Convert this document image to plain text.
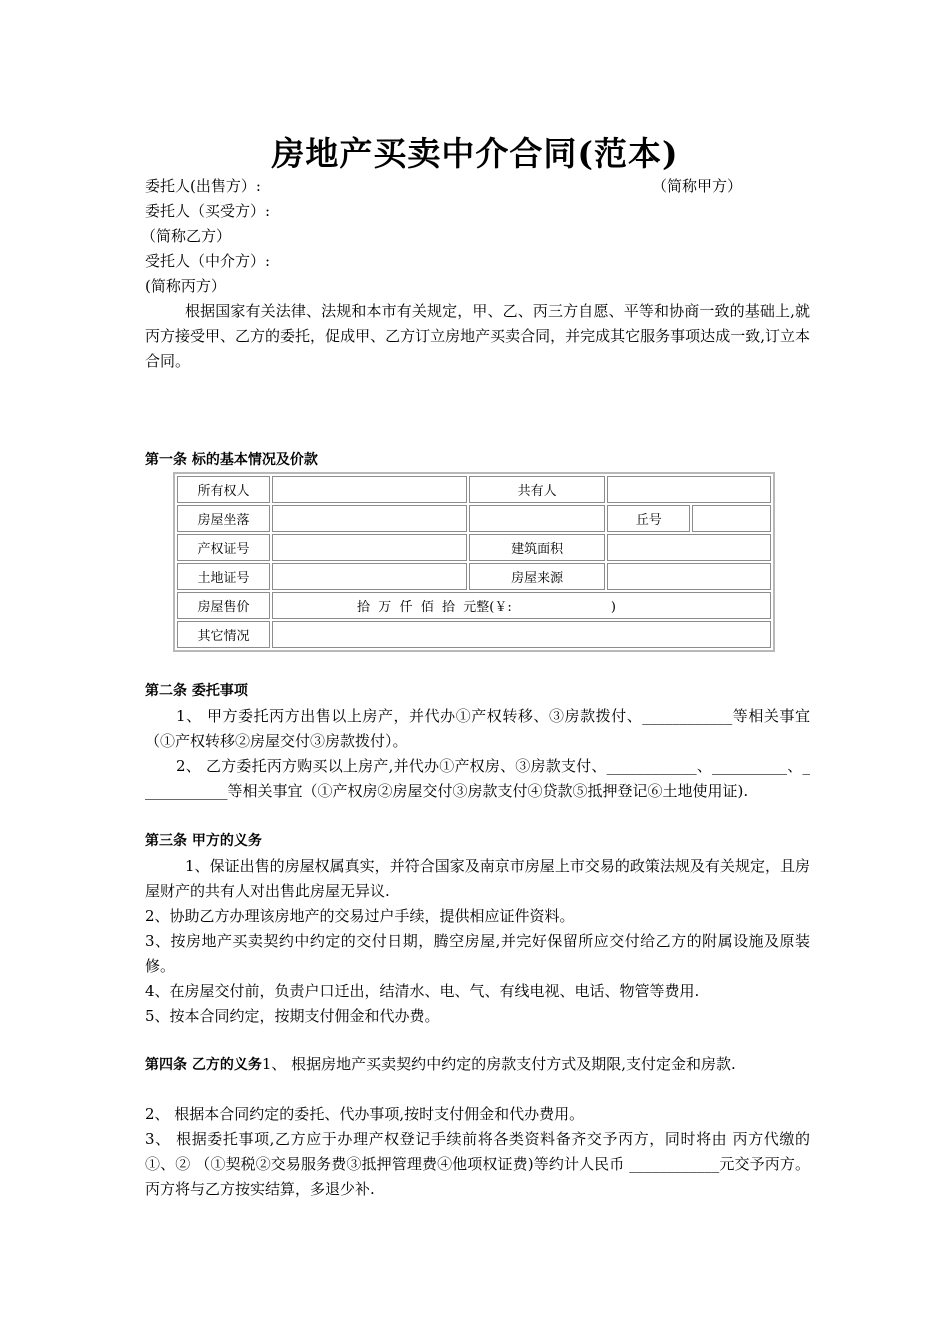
房地产买卖中介合同(范本)
委托人(出售方）:	（简称甲方）
委托人（买受方）:
（简称乙方）
受托人（中介方）:
(简称丙方）
根据国家有关法律、法规和本市有关规定，甲、乙、丙三方自愿、平等和协商一致的基础上,就丙方接受甲、乙方的委托，促成甲、乙方订立房地产买卖合同，并完成其它服务事项达成一致,订立本合同。
第一条 标的基本情况及价款
所有权人		共有人		
房屋坐落			丘号	
产权证号		建筑面积		
土地证号		房屋来源		
房屋售价	拾  万  仟  佰  拾  元整(￥:                        )			
其它情况				
第二条 委托事项
1、 甲方委托丙方出售以上房产，并代办①产权转移、③房款拨付、____________等相关事宜（①产权转移②房屋交付③房款拨付）。
2、 乙方委托丙方购买以上房产,并代办①产权房、③房款支付、____________、__________、____________等相关事宜（①产权房②房屋交付③房款支付④贷款⑤抵押登记⑥土地使用证).
第三条 甲方的义务
1、保证出售的房屋权属真实，并符合国家及南京市房屋上市交易的政策法规及有关规定，且房屋财产的共有人对出售此房屋无异议.
2、协助乙方办理该房地产的交易过户手续，提供相应证件资料。
3、按房地产买卖契约中约定的交付日期，腾空房屋,并完好保留所应交付给乙方的附属设施及原装修。
4、在房屋交付前，负责户口迁出，结清水、电、气、有线电视、电话、物管等费用.
5、按本合同约定，按期支付佣金和代办费。
第四条 乙方的义务1、 根据房地产买卖契约中约定的房款支付方式及期限,支付定金和房款.
2、 根据本合同约定的委托、代办事项,按时支付佣金和代办费用。
3、 根据委托事项,乙方应于办理产权登记手续前将各类资料备齐交予丙方，同时将由 丙方代缴的 ①、② （①契税②交易服务费③抵押管理费④他项权证费)等约计人民币 ____________元交予丙方。丙方将与乙方按实结算，多退少补.
